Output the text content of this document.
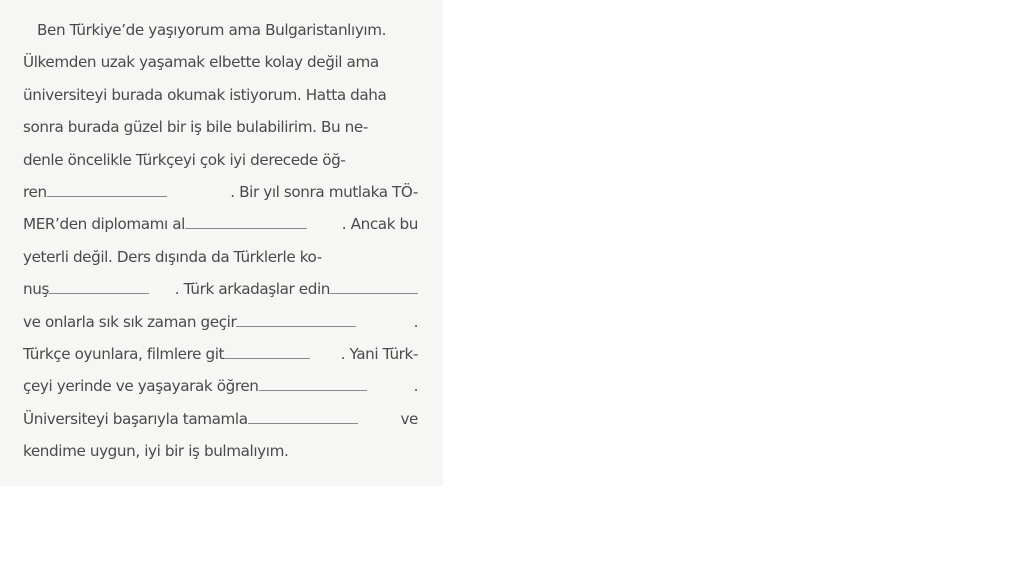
Ben Türkiye’de yaşıyorum ama Bulgaristanlıyım.
Ülkemden uzak yaşamak elbette kolay değil ama
üniversiteyi burada okumak istiyorum. Hatta daha
sonra burada güzel bir iş bile bulabilirim. Bu ne-
denle öncelikle Türkçeyi çok iyi derecede öğ-
ren	. Bir yıl sonra mutlaka TÖ-
MER’den diplomamı al	. Ancak bu
yeterli değil. Ders dışında da Türklerle ko-
nuş	. Türk arkadaşlar edin
ve onlarla sık sık zaman geçir	.
Türkçe oyunlara, filmlere git	. Yani Türk-
çeyi yerinde ve yaşayarak öğren	.
Üniversiteyi başarıyla tamamla	ve
kendime uygun, iyi bir iş bulmalıyım.
